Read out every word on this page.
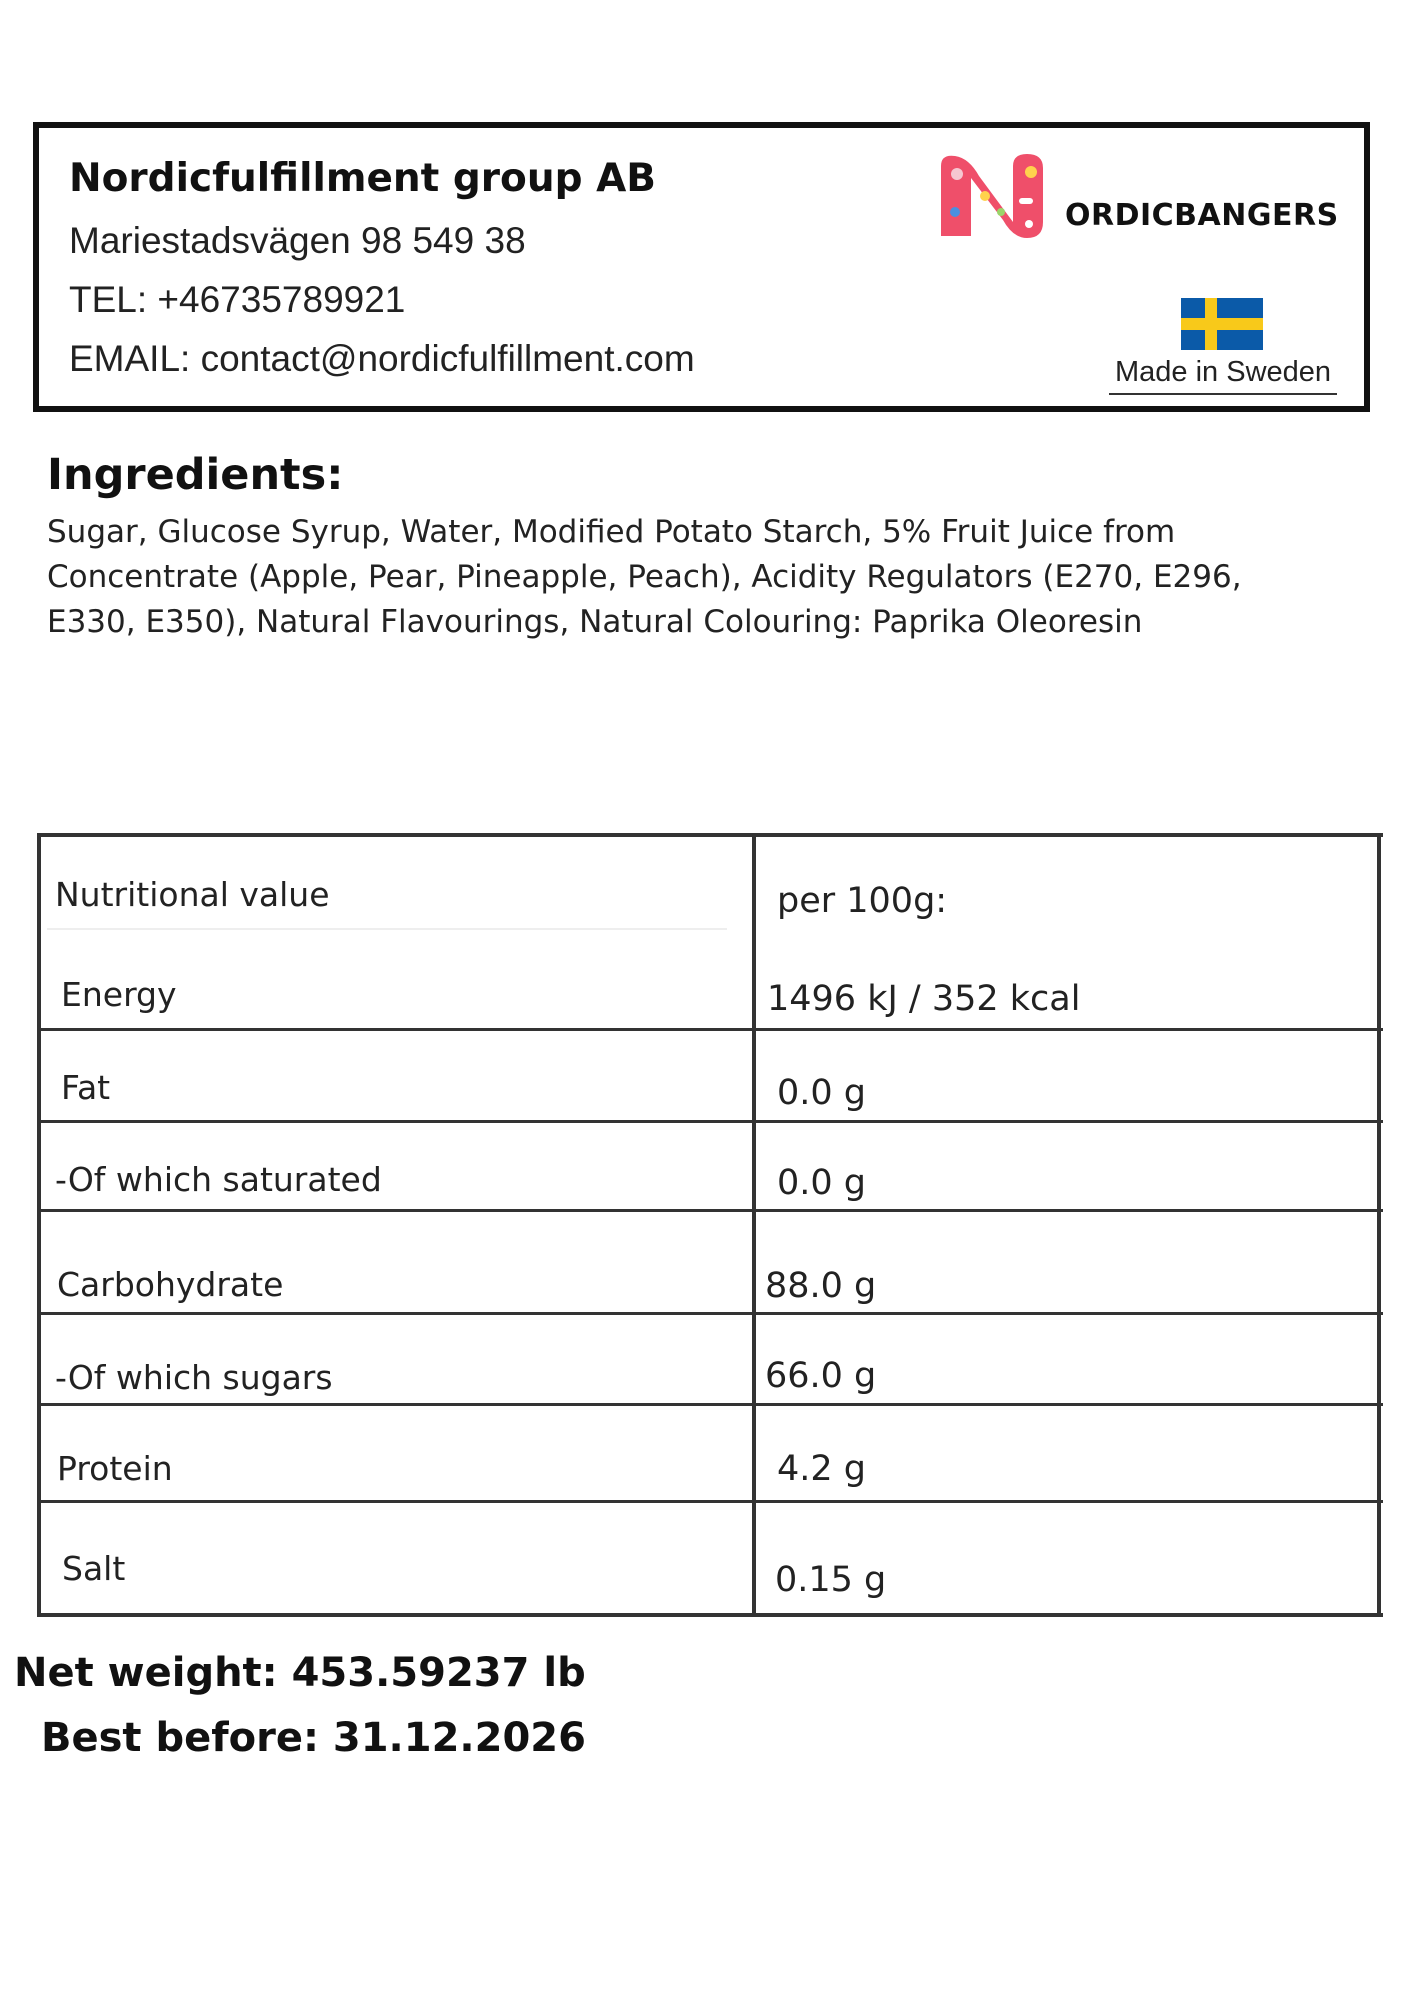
Nordicfulfillment group AB
Mariestadsvägen 98 549 38
TEL: +46735789921
EMAIL: contact@nordicfulfillment.com
ORDICBANGERS
Made in Sweden
Ingredients:
Sugar, Glucose Syrup, Water, Modified Potato Starch, 5% Fruit Juice from Concentrate (Apple, Pear, Pineapple, Peach), Acidity Regulators (E270, E296, E330, E350), Natural Flavourings, Natural Colouring: Paprika Oleoresin
Nutritional value	per 100g:
Energy	1496 kJ / 352 kcal
Fat	0.0 g
-Of which saturated	0.0 g
Carbohydrate	88.0 g
-Of which sugars	66.0 g
Protein	4.2 g
Salt	0.15 g
Net weight: 453.59237 lb
Best before: 31.12.2026
